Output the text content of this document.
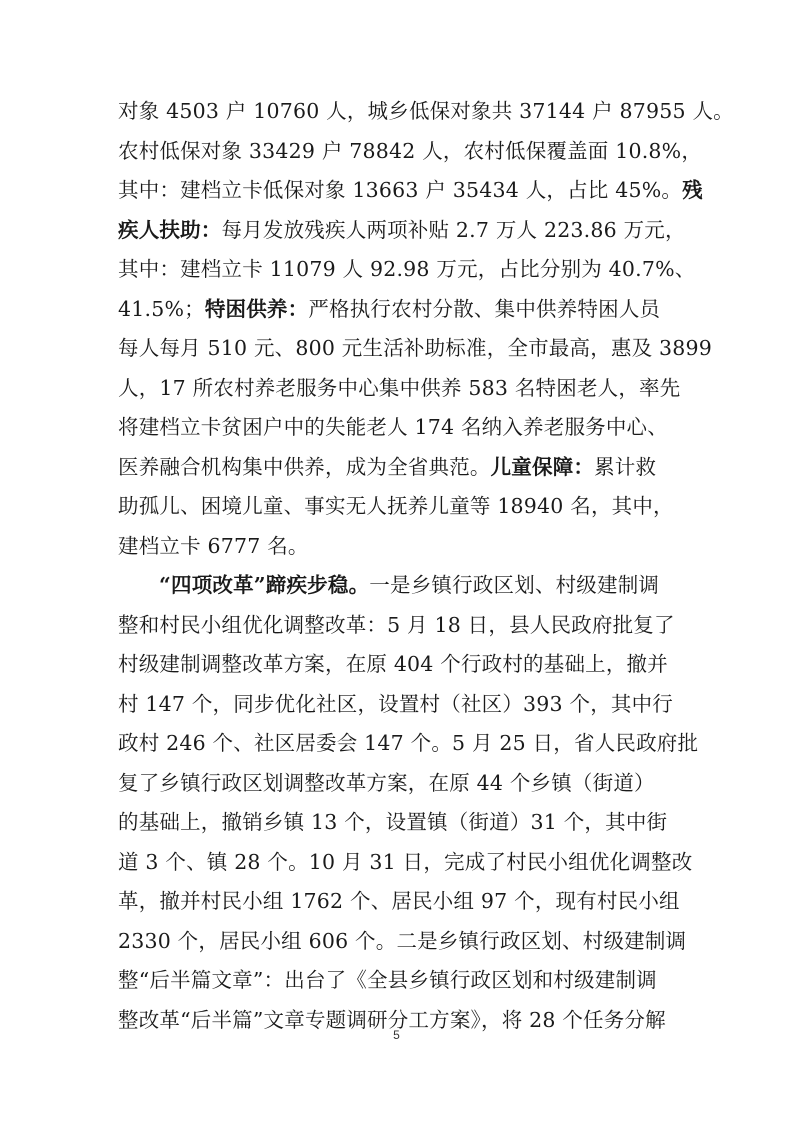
对象 4503 户 10760 人，城乡低保对象共 37144 户 87955 人。
农村低保对象 33429 户 78842 人，农村低保覆盖面 10.8%，
其中：建档立卡低保对象 13663 户 35434 人，占比 45%。残
疾人扶助：每月发放残疾人两项补贴 2.7 万人 223.86 万元，
其中：建档立卡 11079 人 92.98 万元，占比分别为 40.7%、
41.5%；特困供养：严格执行农村分散、集中供养特困人员
每人每月 510 元、800 元生活补助标准，全市最高，惠及 3899
人，17 所农村养老服务中心集中供养 583 名特困老人，率先
将建档立卡贫困户中的失能老人 174 名纳入养老服务中心、
医养融合机构集中供养，成为全省典范。儿童保障：累计救
助孤儿、困境儿童、事实无人抚养儿童等 18940 名，其中，
建档立卡 6777 名。
“四项改革”蹄疾步稳。一是乡镇行政区划、村级建制调
整和村民小组优化调整改革：5 月 18 日，县人民政府批复了
村级建制调整改革方案，在原 404 个行政村的基础上，撤并
村 147 个，同步优化社区，设置村（社区）393 个，其中行
政村 246 个、社区居委会 147 个。5 月 25 日，省人民政府批
复了乡镇行政区划调整改革方案，在原 44 个乡镇（街道）
的基础上，撤销乡镇 13 个，设置镇（街道）31 个，其中街
道 3 个、镇 28 个。10 月 31 日，完成了村民小组优化调整改
革，撤并村民小组 1762 个、居民小组 97 个，现有村民小组
2330 个，居民小组 606 个。二是乡镇行政区划、村级建制调
整“后半篇文章”：出台了《全县乡镇行政区划和村级建制调
整改革“后半篇”文章专题调研分工方案》，将 28 个任务分解
5
